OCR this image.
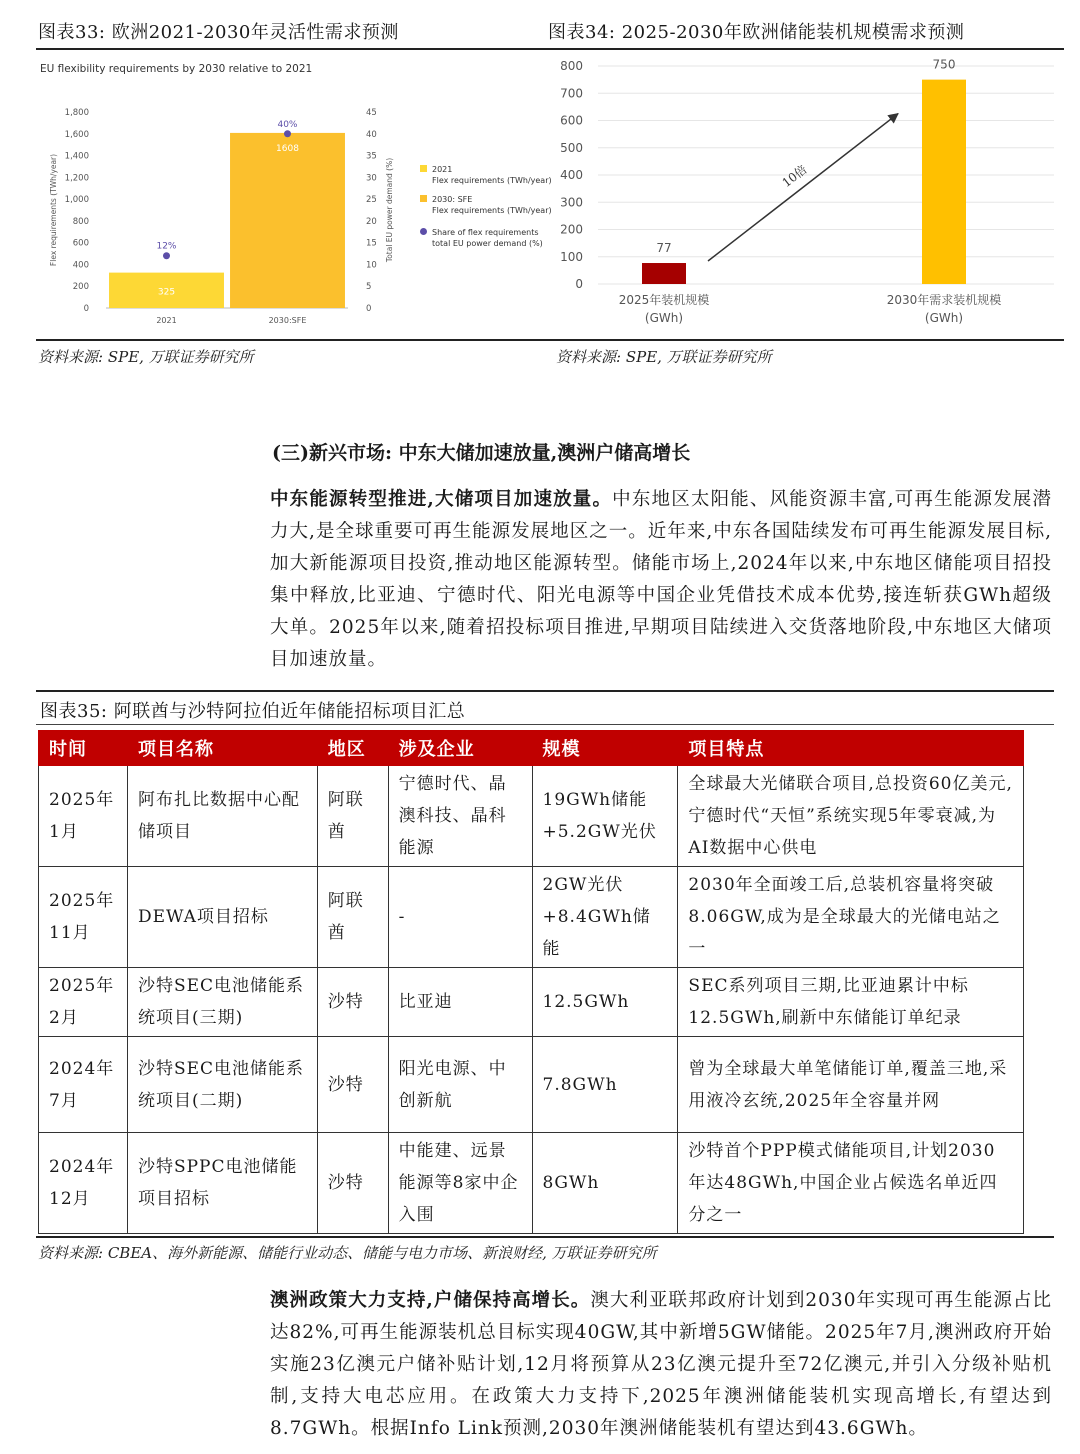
图表33: 欧洲2021-2030年灵活性需求预测	图表34: 2025-2030年欧洲储能装机规模需求预测
EU flexibility requirements by 2030 relative to 2021
0
200
400
600
800
1,000
1,200
1,400
1,600
1,800
0
5
10
15
20
25
30
35
40
45
Flex requirements (TWh/year)	Total EU power demand (%)
325
2021
12%
1608
2030:SFE
40%
2021
Flex requirements (TWh/year)
2030: SFE
Flex requirements (TWh/year)
Share of flex requirements
total EU power demand (%)
0
100
200
300
400
500
600
700
800
77
2025年装机规模
(GWh)
750
2030年需求装机规模
(GWh)
10倍
资料来源: SPE, 万联证券研究所	资料来源: SPE, 万联证券研究所
(三)新兴市场: 中东大储加速放量,澳洲户储高增长
中东能源转型推进,大储项目加速放量。中东地区太阳能、风能资源丰富,可再生能源发展潜力大,是全球重要可再生能源发展地区之一。近年来,中东各国陆续发布可再生能源发展目标,加大新能源项目投资,推动地区能源转型。储能市场上,2024年以来,中东地区储能项目招投集中释放,比亚迪、宁德时代、阳光电源等中国企业凭借技术成本优势,接连斩获GWh超级大单。2025年以来,随着招投标项目推进,早期项目陆续进入交货落地阶段,中东地区大储项目加速放量。
图表35: 阿联酋与沙特阿拉伯近年储能招标项目汇总
时间	项目名称	地区	涉及企业	规模	项目特点
2025年1月	阿布扎比数据中心配储项目	阿联酋	宁德时代、晶澳科技、晶科能源	19GWh储能+5.2GW光伏	全球最大光储联合项目,总投资60亿美元,宁德时代“天恒”系统实现5年零衰减,为AI数据中心供电
2025年11月	DEWA项目招标	阿联酋	-	2GW光伏+8.4GWh储能	2030年全面竣工后,总装机容量将突破8.06GW,成为是全球最大的光储电站之一
2025年2月	沙特SEC电池储能系统项目(三期)	沙特	比亚迪	12.5GWh	SEC系列项目三期,比亚迪累计中标12.5GWh,刷新中东储能订单纪录
2024年7月	沙特SEC电池储能系统项目(二期)	沙特	阳光电源、中创新航	7.8GWh	曾为全球最大单笔储能订单,覆盖三地,采用液冷玄统,2025年全容量并网
2024年12月	沙特SPPC电池储能项目招标	沙特	中能建、远景能源等8家中企入围	8GWh	沙特首个PPP模式储能项目,计划2030年达48GWh,中国企业占候选名单近四分之一
资料来源: CBEA、海外新能源、储能行业动态、储能与电力市场、新浪财经, 万联证券研究所
澳洲政策大力支持,户储保持高增长。澳大利亚联邦政府计划到2030年实现可再生能源占比达82%,可再生能源装机总目标实现40GW,其中新增5GW储能。2025年7月,澳洲政府开始实施23亿澳元户储补贴计划,12月将预算从23亿澳元提升至72亿澳元,并引入分级补贴机制,支持大电芯应用。在政策大力支持下,2025年澳洲储能装机实现高增长,有望达到8.7GWh。根据Info Link预测,2030年澳洲储能装机有望达到43.6GWh。
